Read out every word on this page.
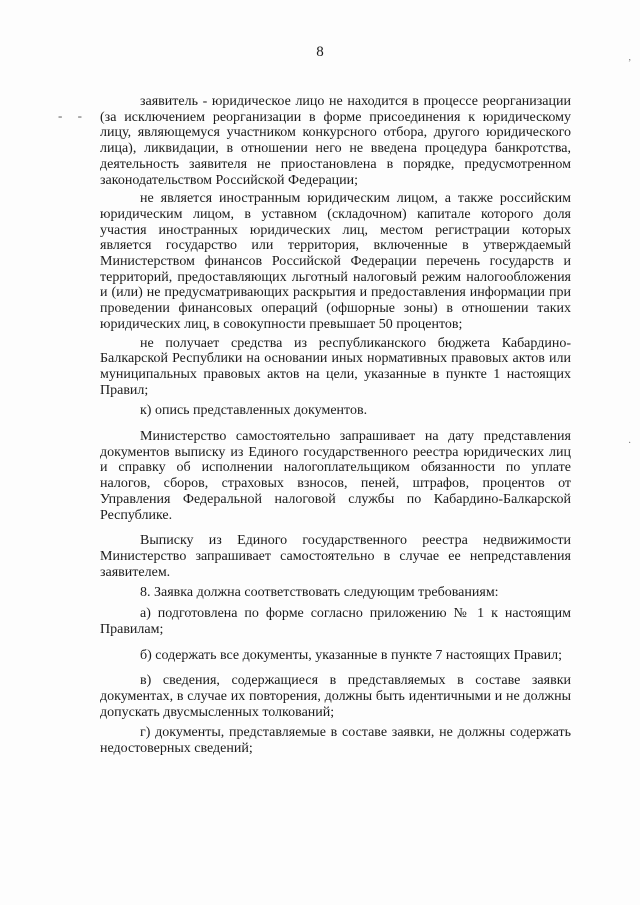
8
- -
’
·

заявитель - юридическое лицо не находится в процессе реорганизации (за исключением реорганизации в форме присоединения к юридическому лицу, являющемуся участником конкурсного отбора, другого юридического лица), ликвидации, в отношении него не введена процедура банкротства, деятельность заявителя не приостановлена в порядке, предусмотренном законодательством Российской Федерации;

не является иностранным юридическим лицом, а также российским юридическим лицом, в уставном (складочном) капитале которого доля участия иностранных юридических лиц, местом регистрации которых является государство или территория, включенные в утверждаемый Министерством финансов Российской Федерации перечень государств и территорий, предоставляющих льготный налоговый режим налогообложения и (или) не предусматривающих раскрытия и предоставления информации при проведении финансовых операций (офшорные зоны) в отношении таких юридических лиц, в совокупности превышает 50 процентов;

не получает средства из республиканского бюджета Кабардино-Балкарской Республики на основании иных нормативных правовых актов или муниципальных правовых актов на цели, указанные в пункте 1 настоящих Правил;

к) опись представленных документов.

Министерство самостоятельно запрашивает на дату представления документов выписку из Единого государственного реестра юридических лиц и справку об исполнении налогоплательщиком обязанности по уплате налогов, сборов, страховых взносов, пеней, штрафов, процентов от Управления Федеральной налоговой службы по Кабардино-Балкарской Республике.

Выписку из Единого государственного реестра недвижимости Министерство запрашивает самостоятельно в случае ее непредставления заявителем.

8. Заявка должна соответствовать следующим требованиям:

а) подготовлена по форме согласно приложению № 1 к настоящим Правилам;

б) содержать все документы, указанные в пункте 7 настоящих Правил;

в) сведения, содержащиеся в представляемых в составе заявки документах, в случае их повторения, должны быть идентичными и не должны допускать двусмысленных толкований;

г) документы, представляемые в составе заявки, не должны содержать недостоверных сведений;
